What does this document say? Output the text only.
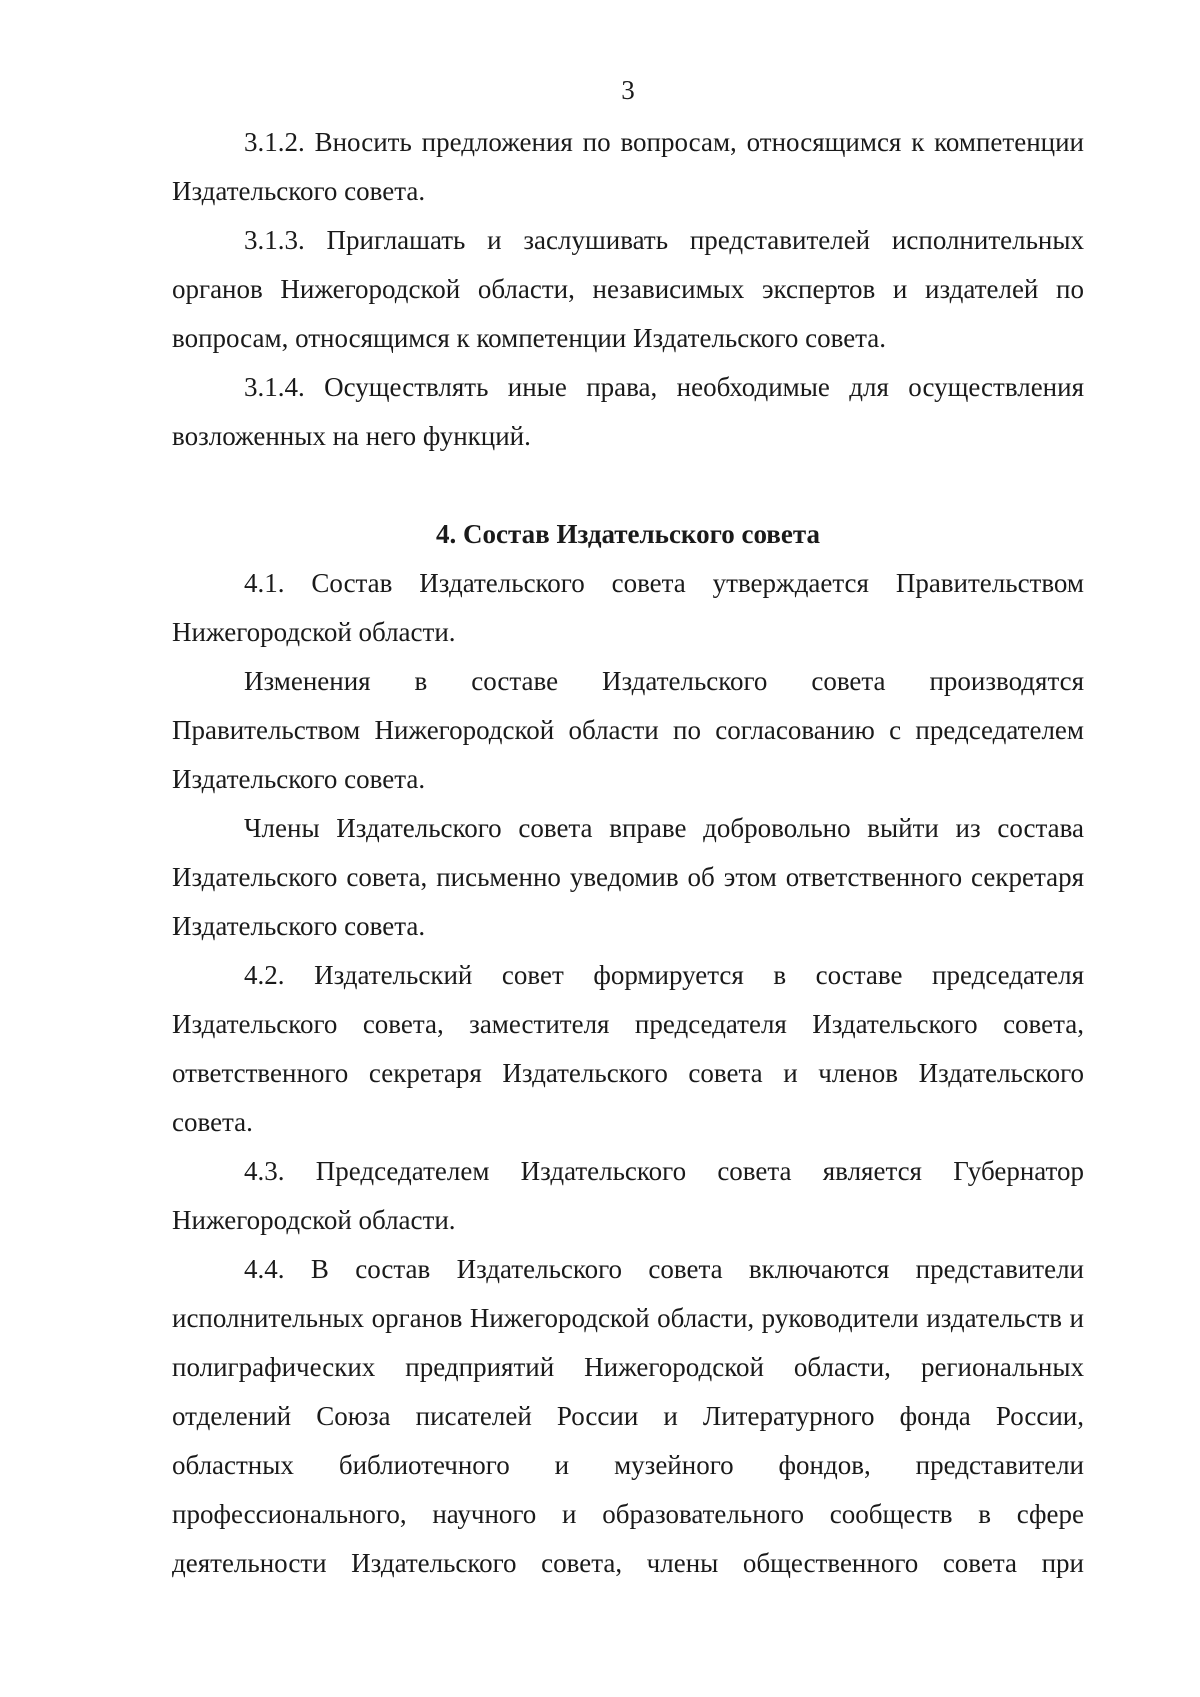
3

3.1.2. Вносить предложения по вопросам, относящимся к компетенции Издательского совета.

3.1.3. Приглашать и заслушивать представителей исполнительных органов Нижегородской области, независимых экспертов и издателей по вопросам, относящимся к компетенции Издательского совета.

3.1.4. Осуществлять иные права, необходимые для осуществления возложенных на него функций.

4. Состав Издательского совета

4.1. Состав Издательского совета утверждается Правительством Нижегородской области.

Изменения в составе Издательского совета производятся Правительством Нижегородской области по согласованию с председателем Издательского совета.

Члены Издательского совета вправе добровольно выйти из состава Издательского совета, письменно уведомив об этом ответственного секретаря Издательского совета.

4.2. Издательский совет формируется в составе председателя Издательского совета, заместителя председателя Издательского совета, ответственного секретаря Издательского совета и членов Издательского совета.

4.3. Председателем Издательского совета является Губернатор Нижегородской области.

4.4. В состав Издательского совета включаются представители исполнительных органов Нижегородской области, руководители издательств и полиграфических предприятий Нижегородской области, региональных отделений Союза писателей России и Литературного фонда России, областных библиотечного и музейного фондов, представители профессионального, научного и образовательного сообществ в сфере деятельности Издательского совета, члены общественного совета при
